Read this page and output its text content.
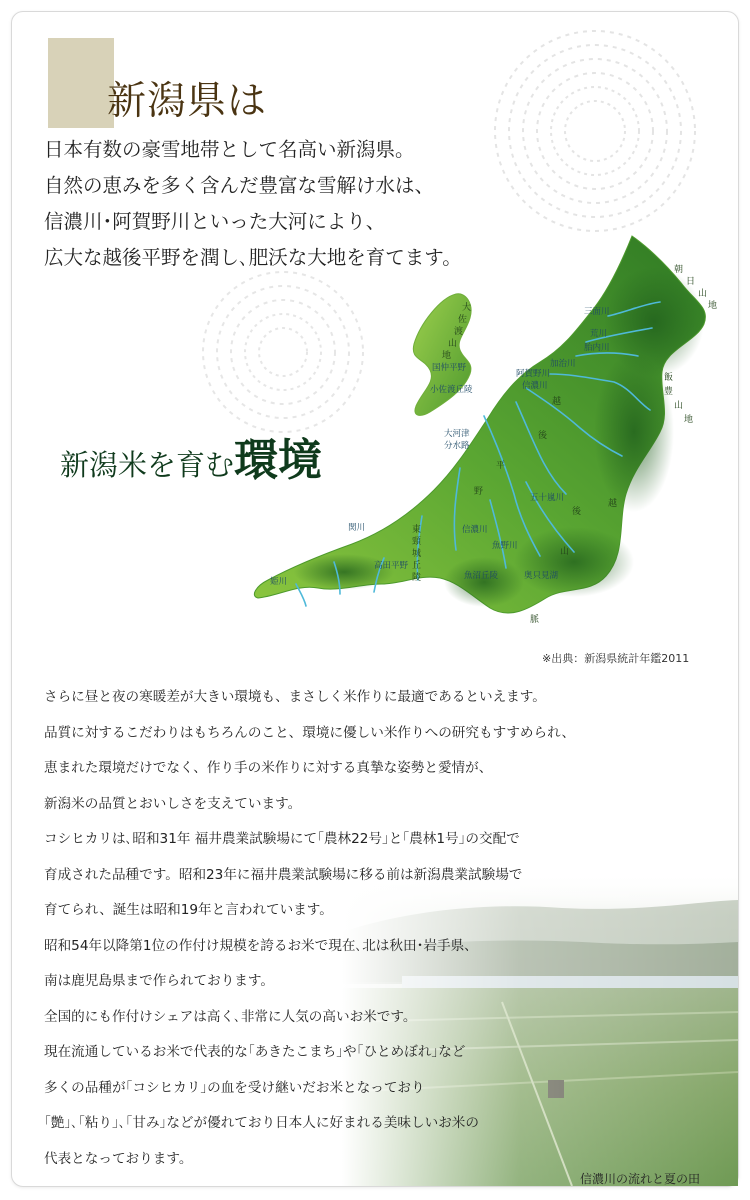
新潟県は
日本有数の豪雪地帯として名高い新潟県。
自然の恵みを多く含んだ豊富な雪解け水は、
信濃川･阿賀野川といった大河により、
広大な越後平野を潤し､肥沃な大地を育てます。
朝
日
山
地
飯
豊
山
地
越
後
山
脈
大
佐
渡
山
地
国仲平野
小佐渡丘陵
三面川
荒川
胎内川
加治川
阿賀野川
信濃川
大河津
分水路
五十嵐川
魚沼丘陵
魚野川
信濃川
高田平野
関川
姫川
奥只見湖
越
後
平
野
東
頸
城
丘
陵
新潟米を育む環境
※出典：新潟県統計年鑑2011
さらに昼と夜の寒暖差が大きい環境も、まさしく米作りに最適であるといえます。
品質に対するこだわりはもちろんのこと、環境に優しい米作りへの研究もすすめられ、
恵まれた環境だけでなく、作り手の米作りに対する真摯な姿勢と愛情が、
新潟米の品質とおいしさを支えています。
コシヒカリは､昭和31年 福井農業試験場にて｢農林22号｣と｢農林1号｣の交配で
育成された品種です。昭和23年に福井農業試験場に移る前は新潟農業試験場で
育てられ、誕生は昭和19年と言われています。
昭和54年以降第1位の作付け規模を誇るお米で現在､北は秋田･岩手県、
南は鹿児島県まで作られております。
全国的にも作付けシェアは高く､非常に人気の高いお米です。
現在流通しているお米で代表的な｢あきたこまち｣や｢ひとめぼれ｣など
多くの品種が｢コシヒカリ｣の血を受け継いだお米となっており
｢艶｣､｢粘り｣､｢甘み｣などが優れており日本人に好まれる美味しいお米の
代表となっております。
信濃川の流れと夏の田
